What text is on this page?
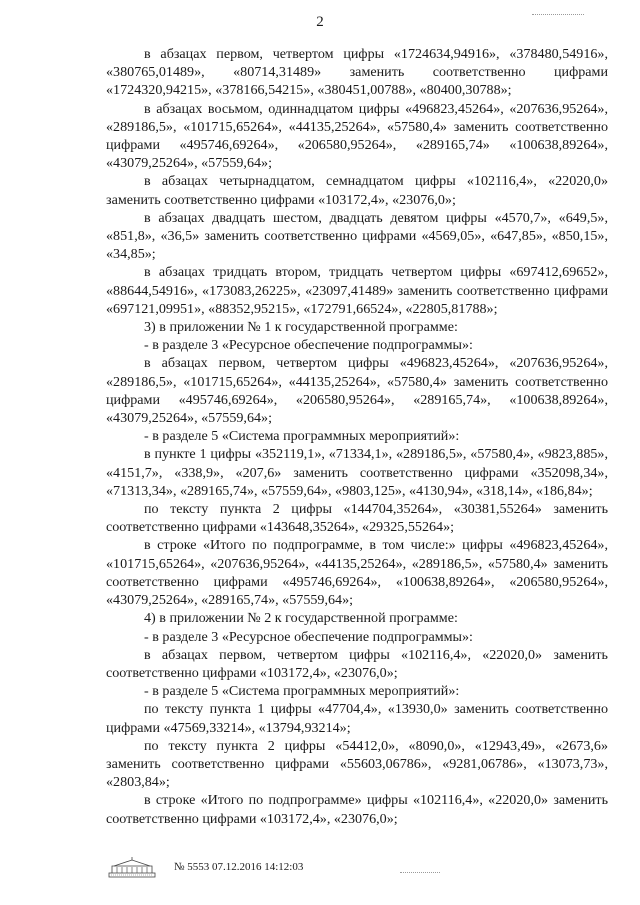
2

в абзацах первом, четвертом цифры «1724634,94916», «378480,54916», «380765,01489», «80714,31489» заменить соответственно цифрами «1724320,94215», «378166,54215», «380451,00788», «80400,30788»;

в абзацах восьмом, одиннадцатом цифры «496823,45264», «207636,95264», «289186,5», «101715,65264», «44135,25264», «57580,4» заменить соответственно цифрами «495746,69264», «206580,95264», «289165,74» «100638,89264», «43079,25264», «57559,64»;

в абзацах четырнадцатом, семнадцатом цифры «102116,4», «22020,0» заменить соответственно цифрами «103172,4», «23076,0»;

в абзацах двадцать шестом, двадцать девятом цифры «4570,7», «649,5», «851,8», «36,5» заменить соответственно цифрами «4569,05», «647,85», «850,15», «34,85»;

в абзацах тридцать втором, тридцать четвертом цифры «697412,69652», «88644,54916», «173083,26225», «23097,41489» заменить соответственно цифрами «697121,09951», «88352,95215», «172791,66524», «22805,81788»;

3) в приложении № 1 к государственной программе:

- в разделе 3 «Ресурсное обеспечение подпрограммы»:

в абзацах первом, четвертом цифры «496823,45264», «207636,95264», «289186,5», «101715,65264», «44135,25264», «57580,4» заменить соответственно цифрами «495746,69264», «206580,95264», «289165,74», «100638,89264», «43079,25264», «57559,64»;

- в разделе 5 «Система программных мероприятий»:

в пункте 1 цифры «352119,1», «71334,1», «289186,5», «57580,4», «9823,885», «4151,7», «338,9», «207,6» заменить соответственно цифрами «352098,34», «71313,34», «289165,74», «57559,64», «9803,125», «4130,94», «318,14», «186,84»;

по тексту пункта 2 цифры «144704,35264», «30381,55264» заменить соответственно цифрами «143648,35264», «29325,55264»;

в строке «Итого по подпрограмме, в том числе:» цифры «496823,45264», «101715,65264», «207636,95264», «44135,25264», «289186,5», «57580,4» заменить соответственно цифрами «495746,69264», «100638,89264», «206580,95264», «43079,25264», «289165,74», «57559,64»;

4) в приложении № 2 к государственной программе:

- в разделе 3 «Ресурсное обеспечение подпрограммы»:

в абзацах первом, четвертом цифры «102116,4», «22020,0» заменить соответственно цифрами «103172,4», «23076,0»;

- в разделе 5 «Система программных мероприятий»:

по тексту пункта 1 цифры «47704,4», «13930,0» заменить соответственно цифрами «47569,33214», «13794,93214»;

по тексту пункта 2 цифры «54412,0», «8090,0», «12943,49», «2673,6» заменить соответственно цифрами «55603,06786», «9281,06786», «13073,73», «2803,84»;

в строке «Итого по подпрограмме» цифры «102116,4», «22020,0» заменить соответственно цифрами «103172,4», «23076,0»;

№ 5553 07.12.2016 14:12:03
